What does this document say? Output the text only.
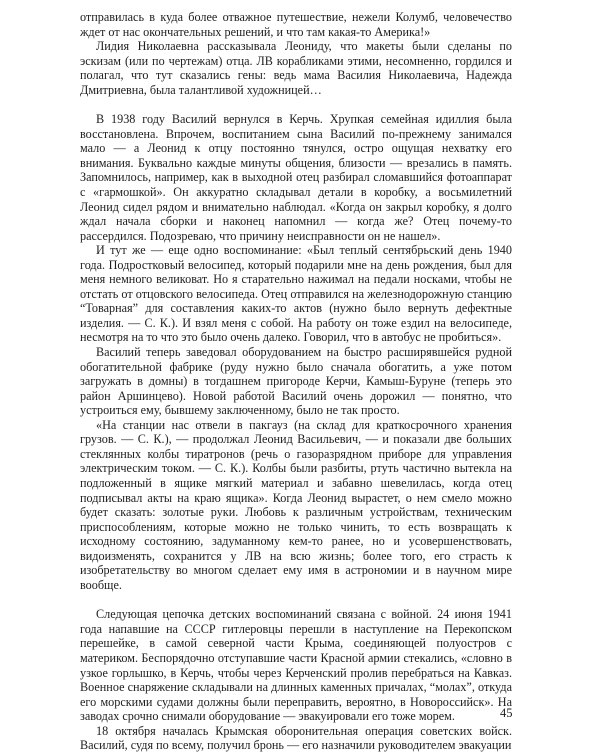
отправилась в куда более отважное путешествие, нежели Колумб, человечество ждет от нас окончательных решений, и что там какая-то Америка!»

Лидия Николаевна рассказывала Леониду, что макеты были сделаны по эскизам (или по чертежам) отца. ЛВ корабликами этими, несомненно, гордился и полагал, что тут сказались гены: ведь мама Василия Николаевича, Надежда Дмитриевна, была талантливой художницей…

В 1938 году Василий вернулся в Керчь. Хрупкая семейная идиллия была восстановлена. Впрочем, воспитанием сына Василий по-прежнему занимался мало — а Леонид к отцу постоянно тянулся, остро ощущая нехватку его внимания. Буквально каждые минуты общения, близости — врезались в память. Запомнилось, например, как в выходной отец разбирал сломавшийся фотоаппарат с «гармошкой». Он аккуратно складывал детали в коробку, а восьмилетний Леонид сидел рядом и внимательно наблюдал. «Когда он закрыл коробку, я долго ждал начала сборки и наконец напомнил — когда же? Отец почему-то рассердился. Подозреваю, что причину неисправности он не нашел».

И тут же — еще одно воспоминание: «Был теплый сентябрьский день 1940 года. Подростковый велосипед, который подарили мне на день рождения, был для меня немного великоват. Но я старательно нажимал на педали носками, чтобы не отстать от отцовского велосипеда. Отец отправился на железнодорожную станцию “Товарная” для составления каких-то актов (нужно было вернуть дефектные изделия. — С. К.). И взял меня с собой. На работу он тоже ездил на велосипеде, несмотря на то что это было очень далеко. Говорил, что в автобус не пробиться».

Василий теперь заведовал оборудованием на быстро расширявшейся рудной обогатительной фабрике (руду нужно было сначала обогатить, а уже потом загружать в домны) в тогдашнем пригороде Керчи, Камыш-Буруне (теперь это район Аршинцево). Новой работой Василий очень дорожил — понятно, что устроиться ему, бывшему заключенному, было не так просто.

«На станции нас отвели в пакгауз (на склад для краткосрочного хранения грузов. — С. К.), — продолжал Леонид Васильевич, — и показали две больших стеклянных колбы тиратронов (речь о газоразрядном приборе для управления электрическим током. — С. К.). Колбы были разбиты, ртуть частично вытекла на подложенный в ящике мягкий материал и забавно шевелилась, когда отец подписывал акты на краю ящика». Когда Леонид вырастет, о нем смело можно будет сказать: золотые руки. Любовь к различным устройствам, техническим приспособлениям, которые можно не только чинить, то есть возвращать к исходному состоянию, задуманному кем-то ранее, но и усовершенствовать, видоизменять, сохранится у ЛВ на всю жизнь; более того, его страсть к изобретательству во многом сделает ему имя в астрономии и в научном мире вообще.

Следующая цепочка детских воспоминаний связана с войной. 24 июня 1941 года напавшие на СССР гитлеровцы перешли в наступление на Перекопском перешейке, в самой северной части Крыма, соединяющей полуостров с материком. Беспорядочно отступавшие части Красной армии стекались, «словно в узкое горлышко, в Керчь, чтобы через Керченский пролив перебраться на Кавказ. Военное снаряжение складывали на длинных каменных причалах, “молах”, откуда его морскими судами должны были переправить, вероятно, в Новороссийск». На заводах срочно снимали оборудование — эвакуировали его тоже морем.

18 октября началась Крымская оборонительная операция советских войск. Василий, судя по всему, получил бронь — его назначили руководителем эвакуации

45
